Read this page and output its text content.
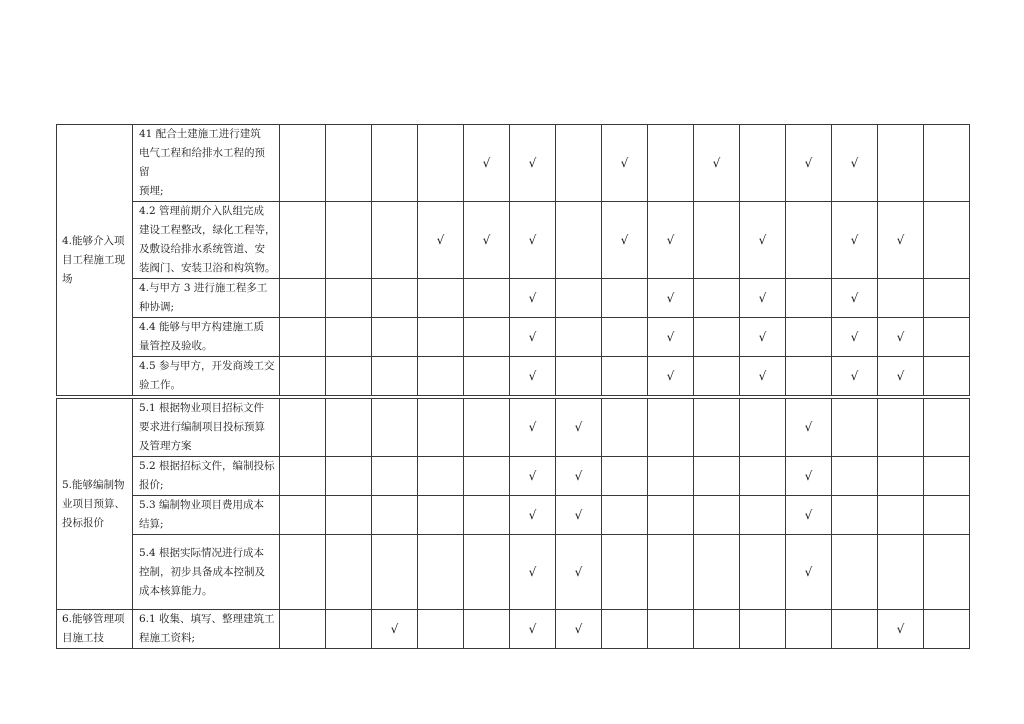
4.能够介入项目工程施工现场	41 配合土建施工进行建筑
电气工程和给排水工程的预
留
预埋;					√	√		√		√		√	√		

	4.2 管理前期介入队组完成
建设工程整改，绿化工程等，
及敷设给排水系统管道、安
装阀门、安装卫浴和构筑物。				√	√	√		√	√		√		√	√	

	4.与甲方 3 进行施工程多工
种协调;						√			√		√		√		

	4.4 能够与甲方构建施工质
量管控及验收。						√			√		√		√	√	

	4.5 参与甲方，开发商竣工交
验工作。						√			√		√		√	√	
5.能够编制物业项目预算、投标报价	5.1 根据物业项目招标文件
要求进行编制项目投标预算
及管理方案						√	√					√			

	5.2 根据招标文件，编制投标
报价;						√	√					√			

	5.3 编制物业项目费用成本
结算;						√	√					√			

	5.4 根据实际情况进行成本
控制，初步具备成本控制及
成本核算能力。						√	√					√			
6.能够管理项目施工技	6.1 收集、填写、整理建筑工
程施工资料;			√			√	√							√	
